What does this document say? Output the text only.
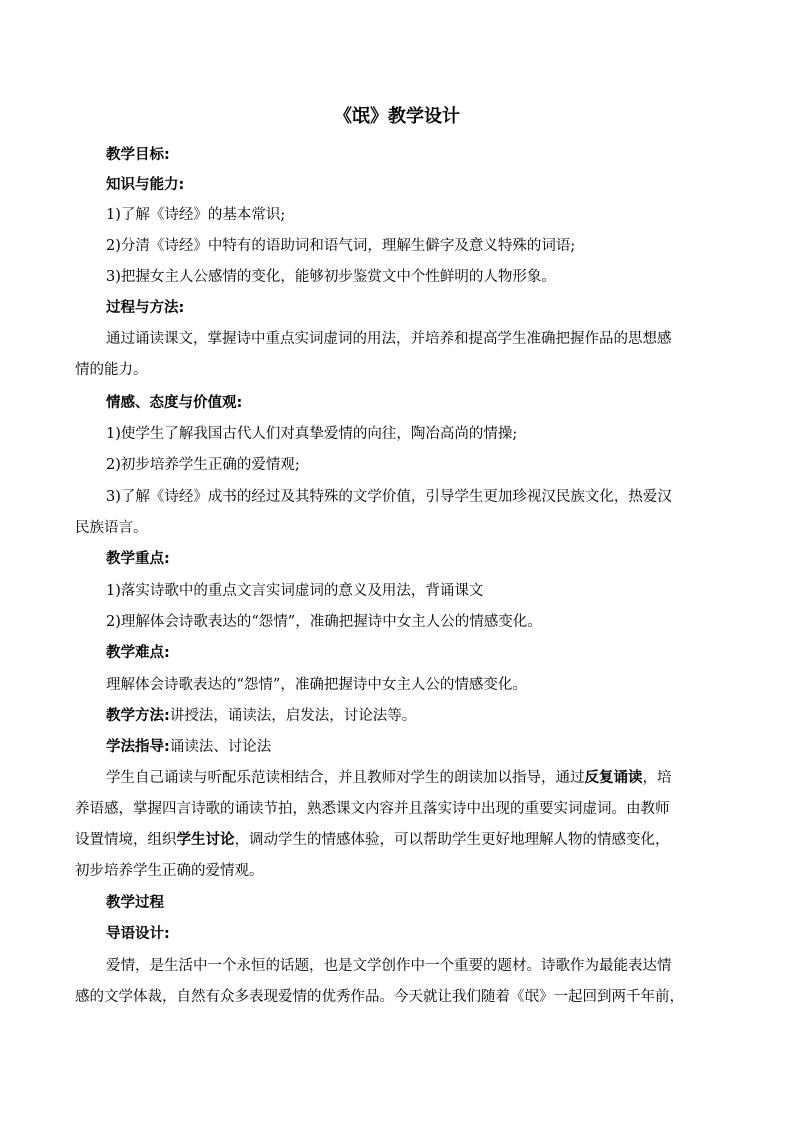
《氓》教学设计
教学目标:
知识与能力:
1)了解《诗经》的基本常识;
2)分清《诗经》中特有的语助词和语气词，理解生僻字及意义特殊的词语;
3)把握女主人公感情的变化，能够初步鉴赏文中个性鲜明的人物形象。
过程与方法:
通过诵读课文，掌握诗中重点实词虚词的用法，并培养和提高学生准确把握作品的思想感
情的能力。
情感、态度与价值观:
1)使学生了解我国古代人们对真挚爱情的向往，陶冶高尚的情操;
2)初步培养学生正确的爱情观;
3)了解《诗经》成书的经过及其特殊的文学价值，引导学生更加珍视汉民族文化，热爱汉
民族语言。
教学重点:
1)落实诗歌中的重点文言实词虚词的意义及用法，背诵课文
2)理解体会诗歌表达的“怨情”，准确把握诗中女主人公的情感变化。
教学难点:
理解体会诗歌表达的“怨情”，准确把握诗中女主人公的情感变化。
教学方法:讲授法，诵读法，启发法，讨论法等。
学法指导:诵读法、讨论法
学生自己诵读与听配乐范读相结合，并且教师对学生的朗读加以指导，通过反复诵读，培
养语感，掌握四言诗歌的诵读节拍，熟悉课文内容并且落实诗中出现的重要实词虚词。由教师
设置情境，组织学生讨论，调动学生的情感体验，可以帮助学生更好地理解人物的情感变化，
初步培养学生正确的爱情观。
教学过程
导语设计:
爱情，是生活中一个永恒的话题，也是文学创作中一个重要的题材。诗歌作为最能表达情
感的文学体裁，自然有众多表现爱情的优秀作品。今天就让我们随着《氓》一起回到两千年前，
